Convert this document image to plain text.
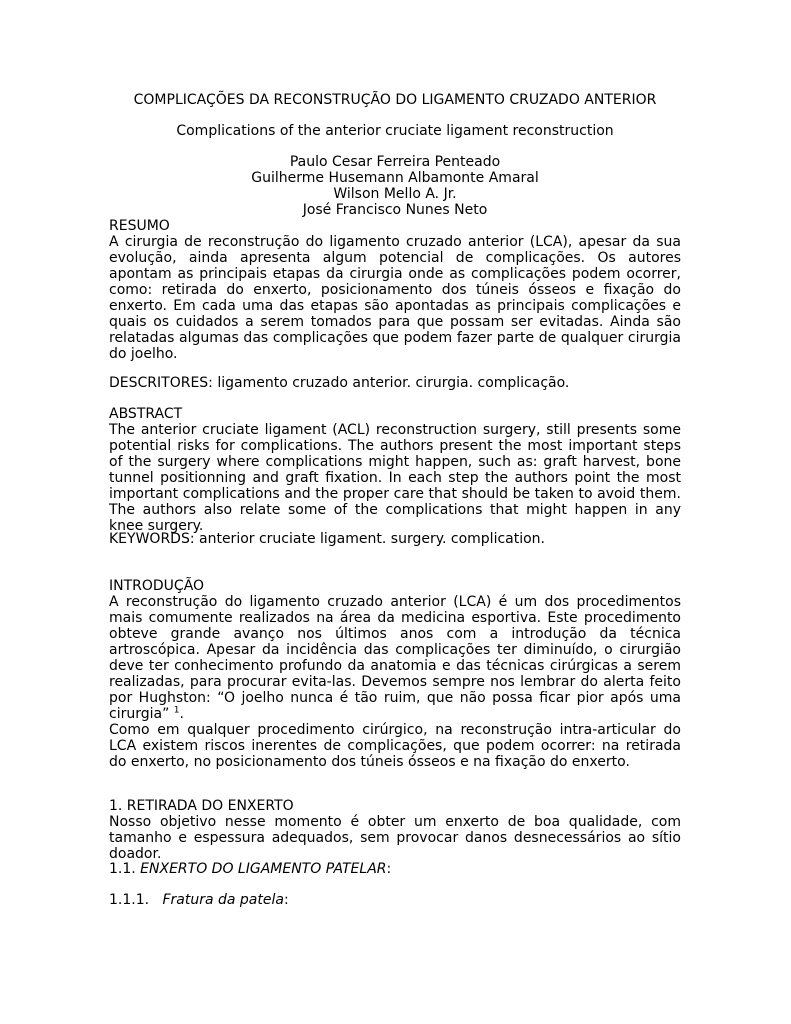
COMPLICAÇÕES DA RECONSTRUÇÃO DO LIGAMENTO CRUZADO ANTERIOR

Complications of the anterior cruciate ligament reconstruction

Paulo Cesar Ferreira Penteado

Guilherme Husemann Albamonte Amaral

Wilson Mello A. Jr.

José Francisco Nunes Neto

RESUMO

A cirurgia de reconstrução do ligamento cruzado anterior (LCA), apesar da sua evolução, ainda apresenta algum potencial de complicações. Os autores apontam as principais etapas da cirurgia onde as complicações podem ocorrer, como: retirada do enxerto, posicionamento dos túneis ósseos e fixação do enxerto. Em cada uma das etapas são apontadas as principais complicações e quais os cuidados a serem tomados para que possam ser evitadas. Ainda são relatadas algumas das complicações que podem fazer parte de qualquer cirurgia do joelho.

DESCRITORES: ligamento cruzado anterior. cirurgia. complicação.

ABSTRACT

The anterior cruciate ligament (ACL) reconstruction surgery, still presents some potential risks for complications. The authors present the most important steps of the surgery where complications might happen, such as: graft harvest, bone tunnel positionning and graft fixation. In each step the authors point the most important complications and the proper care that should be taken to avoid them. The authors also relate some of the complications that might happen in any knee surgery.

KEYWORDS: anterior cruciate ligament. surgery. complication.

INTRODUÇÃO

A reconstrução do ligamento cruzado anterior (LCA) é um dos procedimentos mais comumente realizados na área da medicina esportiva. Este procedimento obteve grande avanço nos últimos anos com a introdução da técnica artroscópica. Apesar da incidência das complicações ter diminuído, o cirurgião deve ter conhecimento profundo da anatomia e das técnicas cirúrgicas a serem realizadas, para procurar evita-las. Devemos sempre nos lembrar do alerta feito por Hughston: “O joelho nunca é tão ruim, que não possa ficar pior após uma cirurgia” $^1$.

Como em qualquer procedimento cirúrgico, na reconstrução intra-articular do LCA existem riscos inerentes de complicações, que podem ocorrer: na retirada do enxerto, no posicionamento dos túneis ósseos e na fixação do enxerto.

1. RETIRADA DO ENXERTO

Nosso objetivo nesse momento é obter um enxerto de boa qualidade, com tamanho e espessura adequados, sem provocar danos desnecessários ao sítio doador.

1.1. ENXERTO DO LIGAMENTO PATELAR:

1.1.1. Fratura da patela:
